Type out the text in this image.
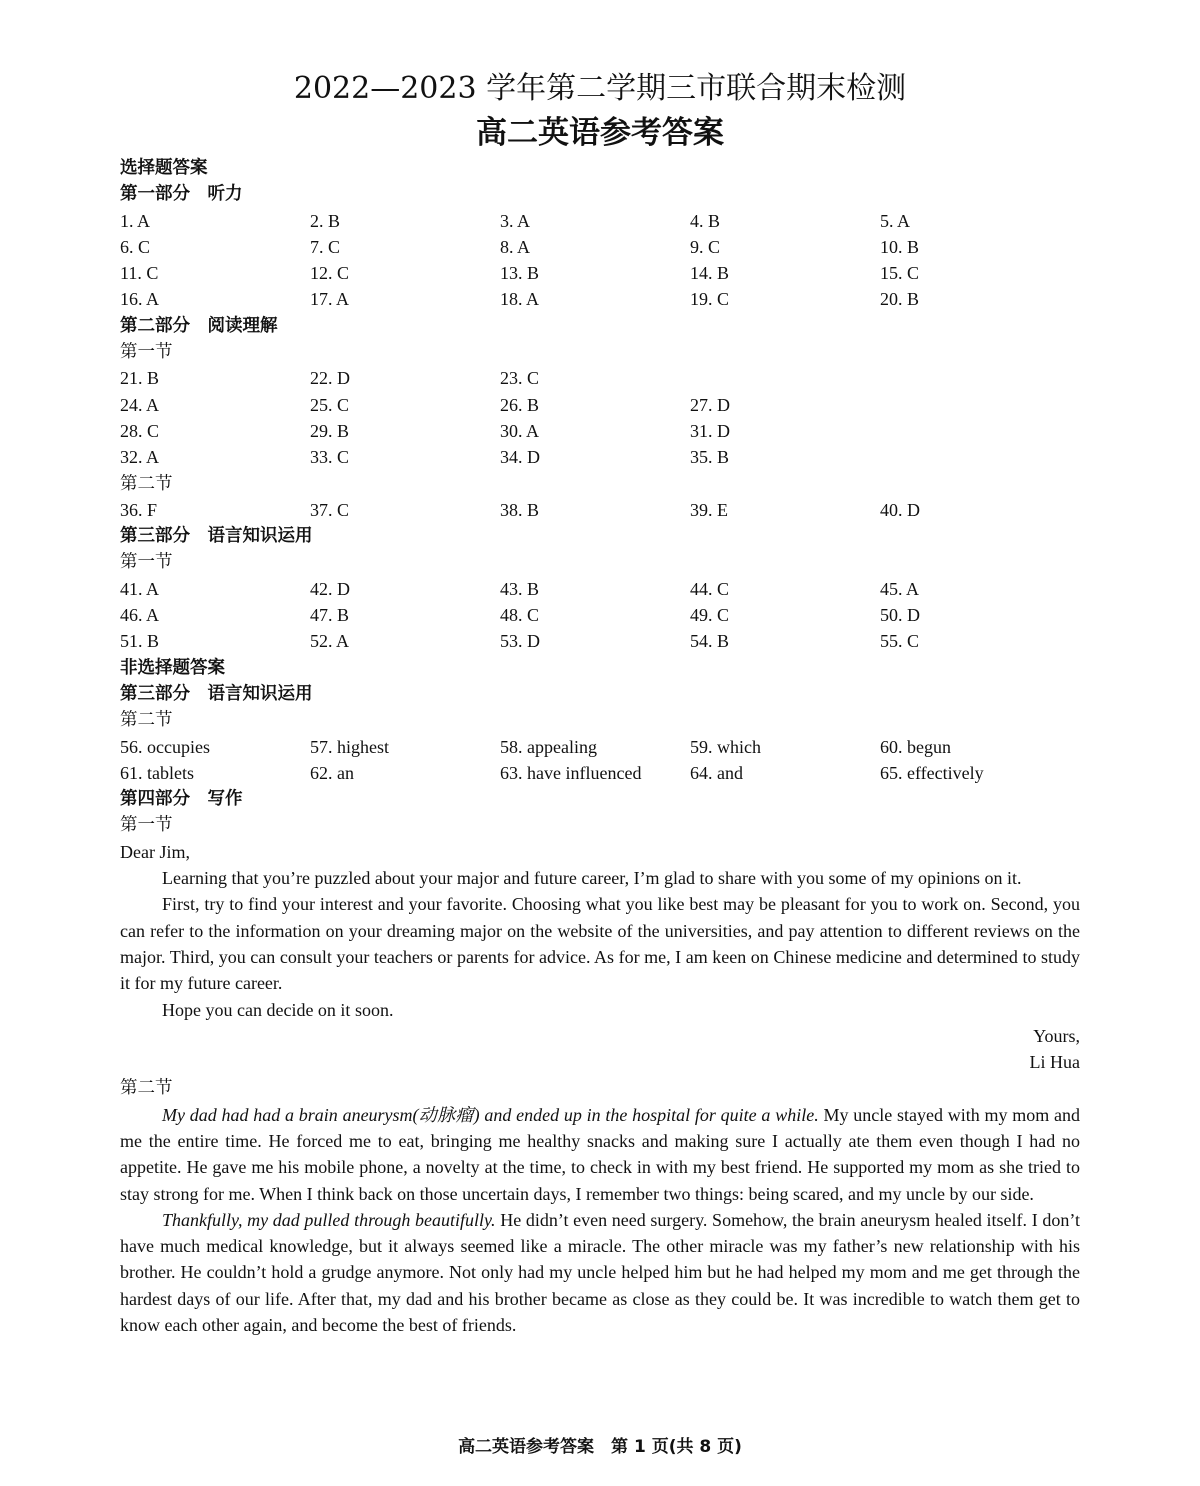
2022—2023 学年第二学期三市联合期末检测
高二英语参考答案
选择题答案
第一部分　听力
1. A	2. B	3. A	4. B	5. A
6. C	7. C	8. A	9. C	10. B
11. C	12. C	13. B	14. B	15. C
16. A	17. A	18. A	19. C	20. B
第二部分　阅读理解
第一节
21. B	22. D	23. C
24. A	25. C	26. B	27. D
28. C	29. B	30. A	31. D
32. A	33. C	34. D	35. B
第二节
36. F	37. C	38. B	39. E	40. D
第三部分　语言知识运用
第一节
41. A	42. D	43. B	44. C	45. A
46. A	47. B	48. C	49. C	50. D
51. B	52. A	53. D	54. B	55. C
非选择题答案
第三部分　语言知识运用
第二节
56. occupies	57. highest	58. appealing	59. which	60. begun
61. tablets	62. an	63. have influenced	64. and	65. effectively
第四部分　写作
第一节
Dear Jim,

Learning that you’re puzzled about your major and future career, I’m glad to share with you some of my opinions on it.

First, try to find your interest and your favorite. Choosing what you like best may be pleasant for you to work on. Second, you can refer to the information on your dreaming major on the website of the universities, and pay attention to different reviews on the major. Third, you can consult your teachers or parents for advice. As for me, I am keen on Chinese medicine and determined to study it for my future career.

Hope you can decide on it soon.

Yours,
Li Hua
第二节

My dad had had a brain aneurysm(动脉瘤) and ended up in the hospital for quite a while. My uncle stayed with my mom and me the entire time. He forced me to eat, bringing me healthy snacks and making sure I actually ate them even though I had no appetite. He gave me his mobile phone, a novelty at the time, to check in with my best friend. He supported my mom as she tried to stay strong for me. When I think back on those uncertain days, I remember two things: being scared, and my uncle by our side.

Thankfully, my dad pulled through beautifully. He didn’t even need surgery. Somehow, the brain aneurysm healed itself. I don’t have much medical knowledge, but it always seemed like a miracle. The other miracle was my father’s new relationship with his brother. He couldn’t hold a grudge anymore. Not only had my uncle helped him but he had helped my mom and me get through the hardest days of our life. After that, my dad and his brother became as close as they could be. It was incredible to watch them get to know each other again, and become the best of friends.

高二英语参考答案　第 1 页(共 8 页)
